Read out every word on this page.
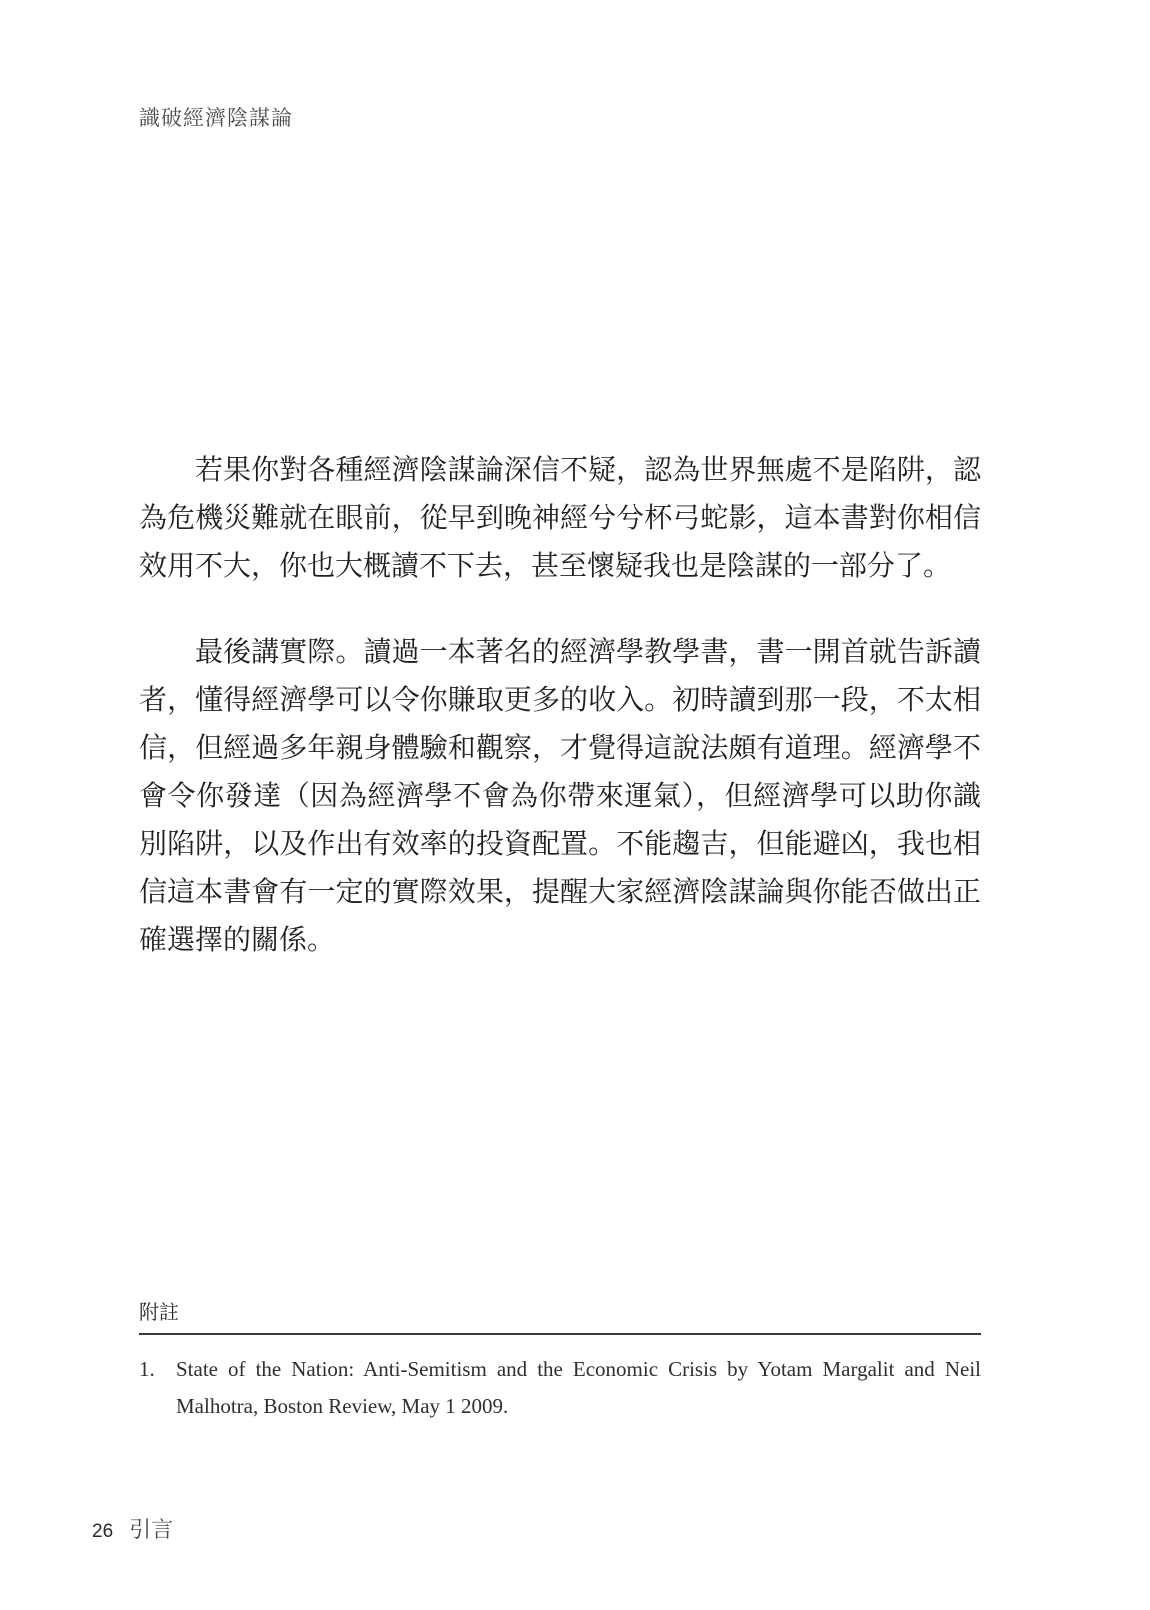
識破經濟陰謀論

若果你對各種經濟陰謀論深信不疑，認為世界無處不是陷阱，認為危機災難就在眼前，從早到晚神經兮兮杯弓蛇影，這本書對你相信效用不大，你也大概讀不下去，甚至懷疑我也是陰謀的一部分了。

最後講實際。讀過一本著名的經濟學教學書，書一開首就告訴讀者，懂得經濟學可以令你賺取更多的收入。初時讀到那一段，不太相信，但經過多年親身體驗和觀察，才覺得這說法頗有道理。經濟學不會令你發達（因為經濟學不會為你帶來運氣），但經濟學可以助你識別陷阱，以及作出有效率的投資配置。不能趨吉，但能避凶，我也相信這本書會有一定的實際效果，提醒大家經濟陰謀論與你能否做出正確選擇的關係。

附註
1.	State of the Nation: Anti-Semitism and the Economic Crisis by Yotam Margalit and Neil Malhotra, Boston Review, May 1 2009.
26 引言
